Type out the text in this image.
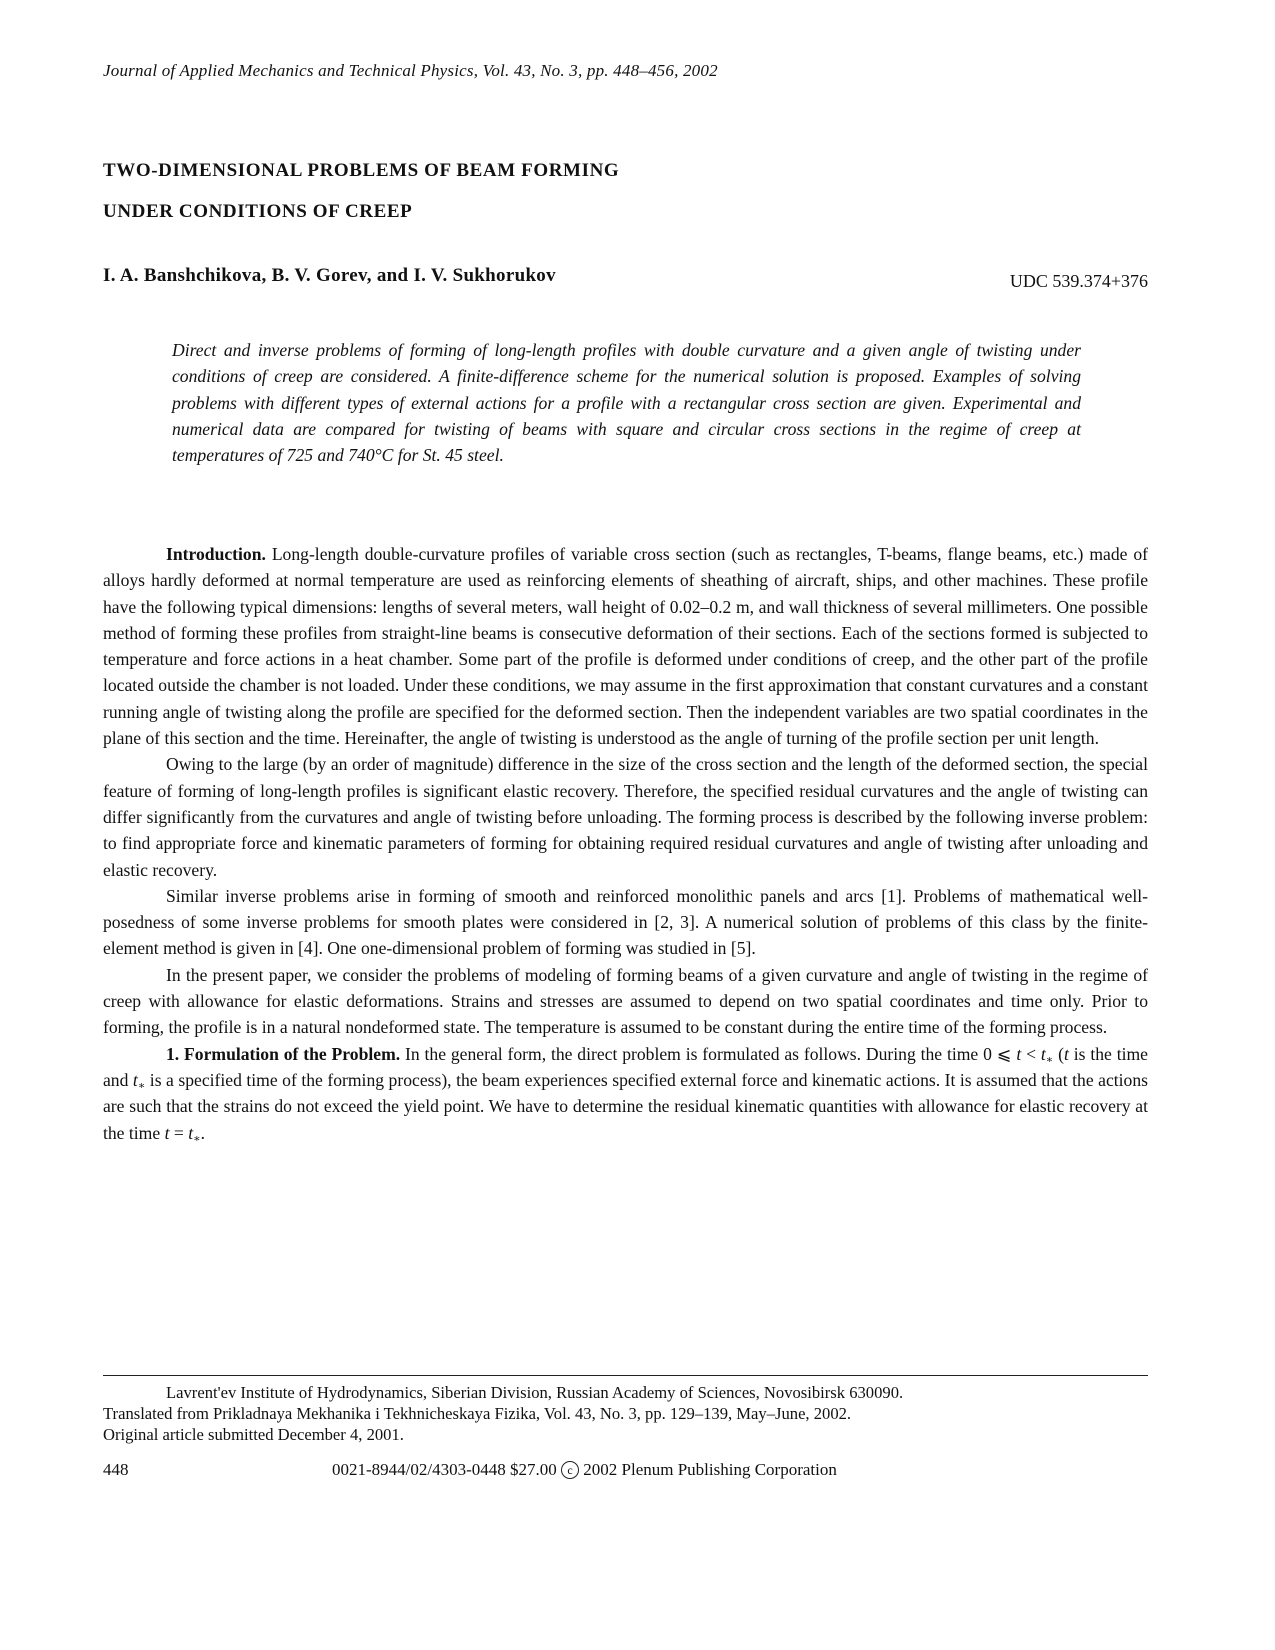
Journal of Applied Mechanics and Technical Physics, Vol. 43, No. 3, pp. 448–456, 2002
TWO-DIMENSIONAL PROBLEMS OF BEAM FORMING
UNDER CONDITIONS OF CREEP
I. A. Banshchikova, B. V. Gorev, and I. V. Sukhorukov	UDC 539.374+376
Direct and inverse problems of forming of long-length profiles with double curvature and a given angle of twisting under conditions of creep are considered. A finite-difference scheme for the numerical solution is proposed. Examples of solving problems with different types of external actions for a profile with a rectangular cross section are given. Experimental and numerical data are compared for twisting of beams with square and circular cross sections in the regime of creep at temperatures of 725 and 740°C for St. 45 steel.

Introduction. Long-length double-curvature profiles of variable cross section (such as rectangles, T-beams, flange beams, etc.) made of alloys hardly deformed at normal temperature are used as reinforcing elements of sheathing of aircraft, ships, and other machines. These profile have the following typical dimensions: lengths of several meters, wall height of 0.02–0.2 m, and wall thickness of several millimeters. One possible method of forming these profiles from straight-line beams is consecutive deformation of their sections. Each of the sections formed is subjected to temperature and force actions in a heat chamber. Some part of the profile is deformed under conditions of creep, and the other part of the profile located outside the chamber is not loaded. Under these conditions, we may assume in the first approximation that constant curvatures and a constant running angle of twisting along the profile are specified for the deformed section. Then the independent variables are two spatial coordinates in the plane of this section and the time. Hereinafter, the angle of twisting is understood as the angle of turning of the profile section per unit length.

Owing to the large (by an order of magnitude) difference in the size of the cross section and the length of the deformed section, the special feature of forming of long-length profiles is significant elastic recovery. Therefore, the specified residual curvatures and the angle of twisting can differ significantly from the curvatures and angle of twisting before unloading. The forming process is described by the following inverse problem: to find appropriate force and kinematic parameters of forming for obtaining required residual curvatures and angle of twisting after unloading and elastic recovery.

Similar inverse problems arise in forming of smooth and reinforced monolithic panels and arcs [1]. Problems of mathematical well-posedness of some inverse problems for smooth plates were considered in [2, 3]. A numerical solution of problems of this class by the finite-element method is given in [4]. One one-dimensional problem of forming was studied in [5].

In the present paper, we consider the problems of modeling of forming beams of a given curvature and angle of twisting in the regime of creep with allowance for elastic deformations. Strains and stresses are assumed to depend on two spatial coordinates and time only. Prior to forming, the profile is in a natural nondeformed state. The temperature is assumed to be constant during the entire time of the forming process.

1. Formulation of the Problem. In the general form, the direct problem is formulated as follows. During the time 0 ⩽ $t < t_∗$ (t is the time and $t_∗$ is a specified time of the forming process), the beam experiences specified external force and kinematic actions. It is assumed that the actions are such that the strains do not exceed the yield point. We have to determine the residual kinematic quantities with allowance for elastic recovery at the time $t = t_∗$.

Lavrent'ev Institute of Hydrodynamics, Siberian Division, Russian Academy of Sciences, Novosibirsk 630090.
Translated from Prikladnaya Mekhanika i Tekhnicheskaya Fizika, Vol. 43, No. 3, pp. 129–139, May–June, 2002.
Original article submitted December 4, 2001.
448	0021-8944/02/4303-0448 $27.00 c 2002 Plenum Publishing Corporation
